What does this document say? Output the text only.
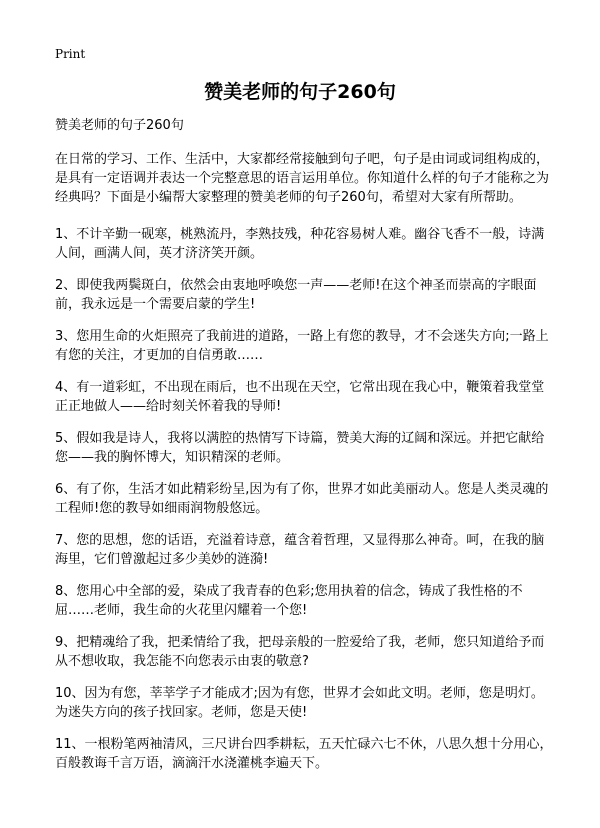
Print
赞美老师的句子260句
赞美老师的句子260句
在日常的学习、工作、生活中，大家都经常接触到句子吧，句子是由词或词组构成的，是具有一定语调并表达一个完整意思的语言运用单位。你知道什么样的句子才能称之为经典吗？下面是小编帮大家整理的赞美老师的句子260句，希望对大家有所帮助。
1、不计辛勤一砚寒，桃熟流丹，李熟技残，种花容易树人难。幽谷飞香不一般，诗满人间，画满人间，英才济济笑开颜。
2、即使我两鬓斑白，依然会由衷地呼唤您一声——老师!在这个神圣而崇高的字眼面前，我永远是一个需要启蒙的学生!
3、您用生命的火炬照亮了我前进的道路，一路上有您的教导，才不会迷失方向;一路上有您的关注，才更加的自信勇敢……
4、有一道彩虹，不出现在雨后，也不出现在天空，它常出现在我心中，鞭策着我堂堂正正地做人——给时刻关怀着我的导师!
5、假如我是诗人，我将以满腔的热情写下诗篇，赞美大海的辽阔和深远。并把它献给您——我的胸怀博大，知识精深的老师。
6、有了你，生活才如此精彩纷呈,因为有了你，世界才如此美丽动人。您是人类灵魂的工程师!您的教导如细雨润物般悠远。
7、您的思想，您的话语，充溢着诗意，蕴含着哲理，又显得那么神奇。呵，在我的脑海里，它们曾激起过多少美妙的涟漪!
8、您用心中全部的爱，染成了我青春的色彩;您用执着的信念，铸成了我性格的不屈……老师，我生命的火花里闪耀着一个您!
9、把精魂给了我，把柔情给了我，把母亲般的一腔爱给了我，老师，您只知道给予而从不想收取，我怎能不向您表示由衷的敬意?
10、因为有您，莘莘学子才能成才;因为有您，世界才会如此文明。老师，您是明灯。为迷失方向的孩子找回家。老师，您是天使!
11、一根粉笔两袖清风，三尺讲台四季耕耘，五天忙碌六七不休，八思久想十分用心，百般教诲千言万语，滴滴汗水浇灌桃李遍天下。
